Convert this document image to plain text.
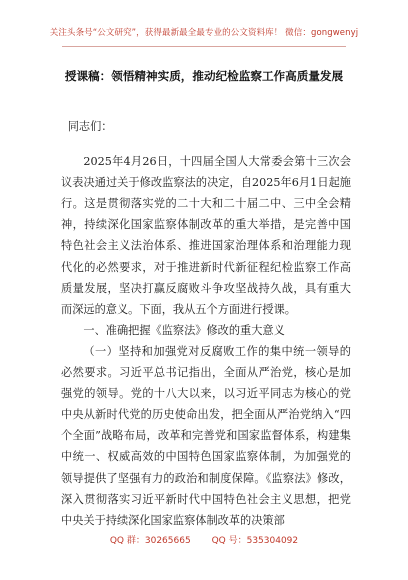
关注头条号“公文研究”，获得最新最全最专业的公文资料库！ 微信：gongwenyj
授课稿：领悟精神实质，推动纪检监察工作高质量发展

同志们：

2025年4月26日，十四届全国人大常委会第十三次会议表决通过关于修改监察法的决定，自2025年6月1日起施行。这是贯彻落实党的二十大和二十届二中、三中全会精神，持续深化国家监察体制改革的重大举措，是完善中国特色社会主义法治体系、推进国家治理体系和治理能力现代化的必然要求，对于推进新时代新征程纪检监察工作高质量发展，坚决打赢反腐败斗争攻坚战持久战，具有重大而深远的意义。下面，我从五个方面进行授课。

一、准确把握《监察法》修改的重大意义

（一）坚持和加强党对反腐败工作的集中统一领导的必然要求。习近平总书记指出，全面从严治党，核心是加强党的领导。党的十八大以来，以习近平同志为核心的党中央从新时代党的历史使命出发，把全面从严治党纳入“四个全面”战略布局，改革和完善党和国家监督体系，构建集中统一、权威高效的中国特色国家监察体制，为加强党的领导提供了坚强有力的政治和制度保障。《监察法》修改，深入贯彻落实习近平新时代中国特色社会主义思想，把党中央关于持续深化国家监察体制改革的决策部

QQ 群：30265665 QQ 号：535304092
